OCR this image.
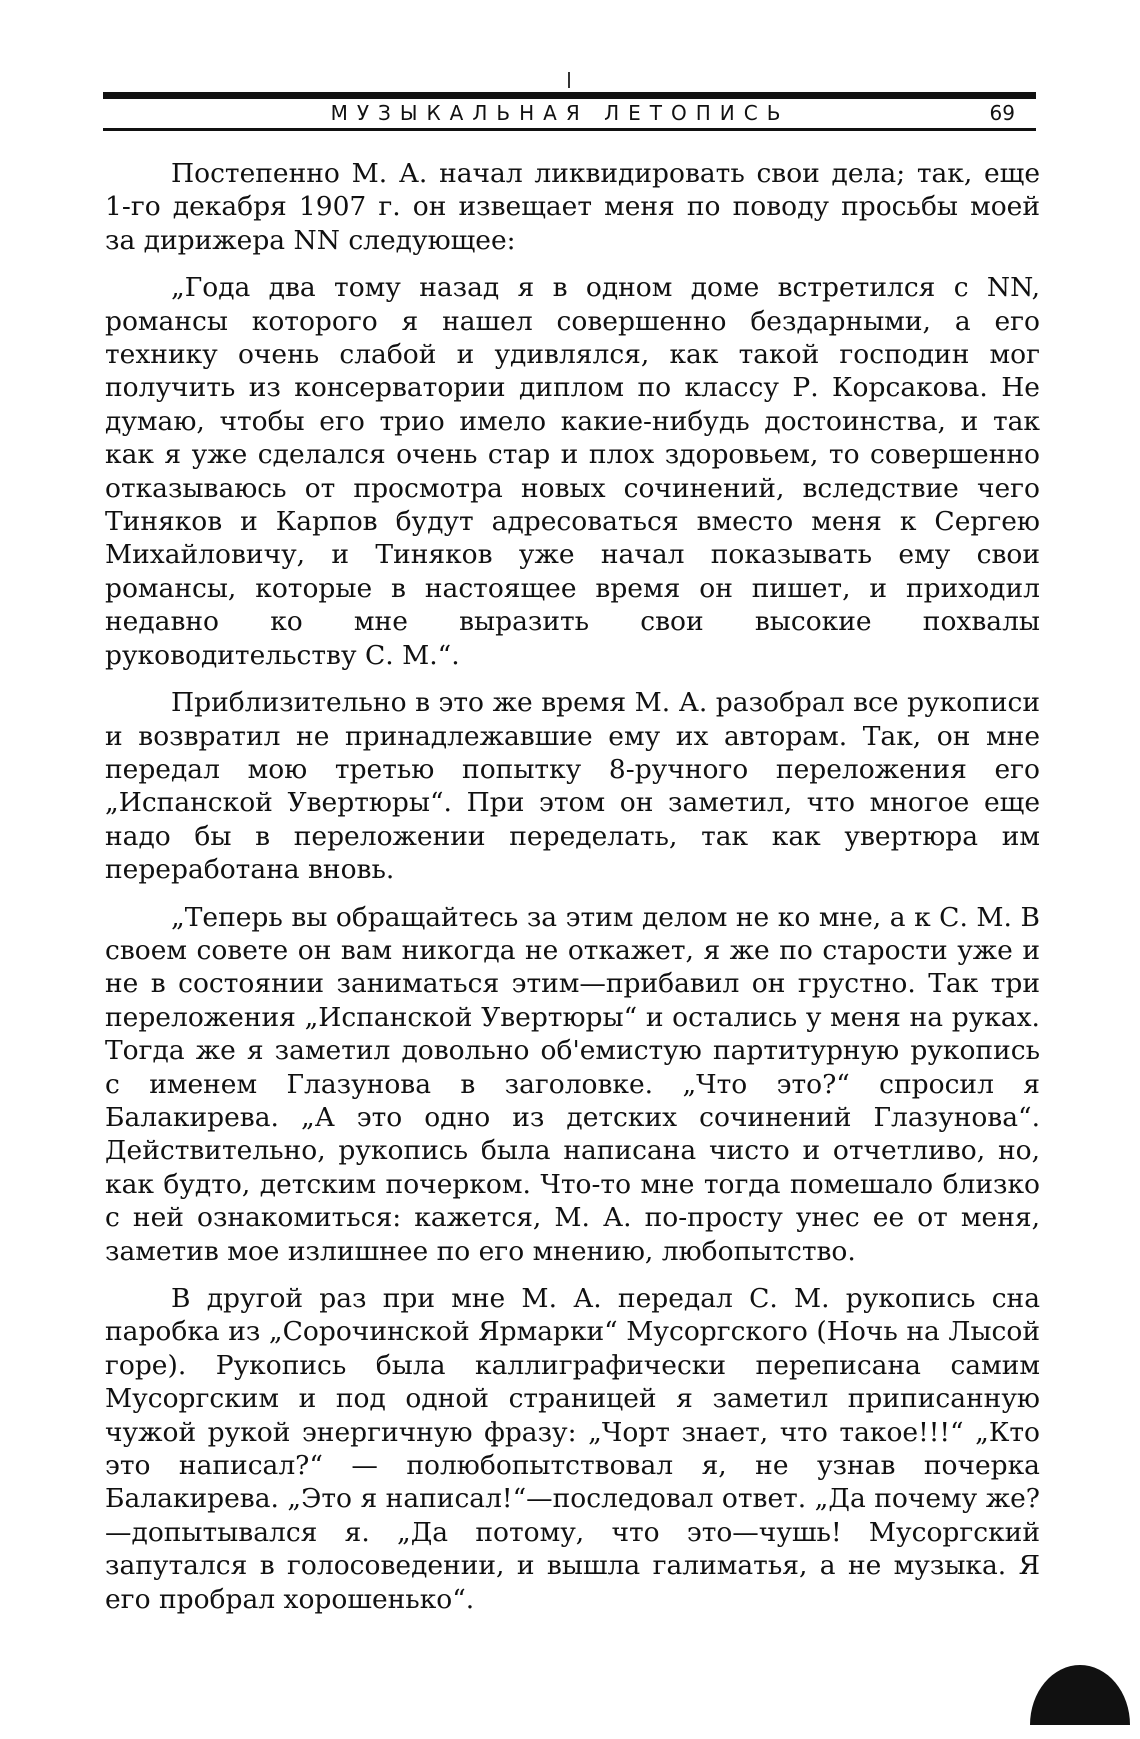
МУЗЫКАЛЬНАЯ ЛЕТОПИСЬ	69

Постепенно М. А. начал ликвидировать свои дела; так, еще 1-го декабря 1907 г. он извещает меня по поводу просьбы моей за дирижера NN следующее:

„Года два тому назад я в одном доме встретился с NN, романсы которого я нашел совершенно бездарными, а его технику очень слабой и удивлялся, как такой господин мог получить из консерватории диплом по классу Р. Корсакова. Не думаю, чтобы его трио имело какие-нибудь достоинства, и так как я уже сделался очень стар и плох здоровьем, то совершенно отказываюсь от просмотра новых сочинений, вследствие чего Тиняков и Карпов будут адресоваться вместо меня к Сергею Михайловичу, и Тиняков уже начал показывать ему свои романсы, которые в настоящее время он пишет, и приходил недавно ко мне выразить свои высокие похвалы руководительству С. М.“.

Приблизительно в это же время М. А. разобрал все рукописи и возвратил не принадлежавшие ему их авторам. Так, он мне передал мою третью попытку 8-ручного переложения его „Испанской Увертюры“. При этом он заметил, что многое еще надо бы в переложении переделать, так как увертюра им переработана вновь.

„Теперь вы обращайтесь за этим делом не ко мне, а к С. М. В своем совете он вам никогда не откажет, я же по старости уже и не в состоянии заниматься этим—прибавил он грустно. Так три переложения „Испанской Увертюры“ и остались у меня на руках. Тогда же я заметил довольно об'емистую партитурную рукопись с именем Глазунова в заголовке. „Что это?“ спросил я Балакирева. „А это одно из детских сочинений Глазунова“. Действительно, рукопись была написана чисто и отчетливо, но, как будто, детским почерком. Что-то мне тогда помешало близко с ней ознакомиться: кажется, М. А. по-просту унес ее от меня, заметив мое излишнее по его мнению, любопытство.

В другой раз при мне М. А. передал С. М. рукопись сна паробка из „Сорочинской Ярмарки“ Мусоргского (Ночь на Лысой горе). Рукопись была каллиграфически переписана самим Мусоргским и под одной страницей я заметил приписанную чужой рукой энергичную фразу: „Чорт знает, что такое!!!“ „Кто это написал?“ — полюбопытствовал я, не узнав почерка Балакирева. „Это я написал!“—последовал ответ. „Да почему же?—допытывался я. „Да потому, что это—чушь! Мусоргский запутался в голосоведении, и вышла галиматья, а не музыка. Я его пробрал хорошенько“.
